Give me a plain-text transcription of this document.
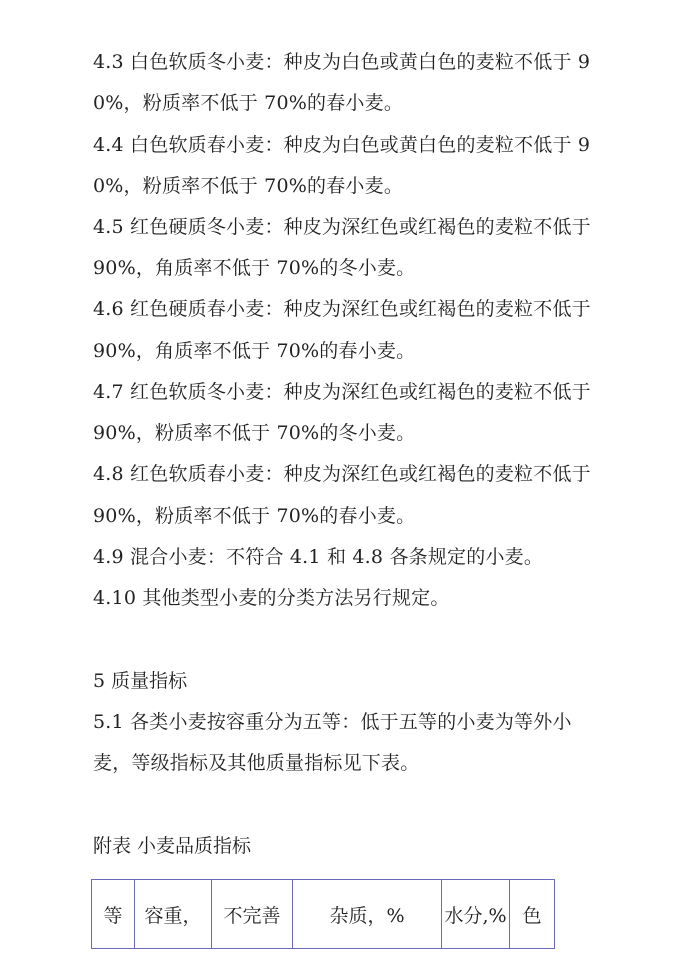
4.3 白色软质冬小麦：种皮为白色或黄白色的麦粒不低于 9
0%，粉质率不低于 70%的春小麦。
4.4 白色软质春小麦：种皮为白色或黄白色的麦粒不低于 9
0%，粉质率不低于 70%的春小麦。
4.5 红色硬质冬小麦：种皮为深红色或红褐色的麦粒不低于
90%，角质率不低于 70%的冬小麦。
4.6 红色硬质春小麦：种皮为深红色或红褐色的麦粒不低于
90%，角质率不低于 70%的春小麦。
4.7 红色软质冬小麦：种皮为深红色或红褐色的麦粒不低于
90%，粉质率不低于 70%的冬小麦。
4.8 红色软质春小麦：种皮为深红色或红褐色的麦粒不低于
90%，粉质率不低于 70%的春小麦。
4.9 混合小麦：不符合 4.1 和 4.8 各条规定的小麦。
4.10 其他类型小麦的分类方法另行规定。
5 质量指标
5.1 各类小麦按容重分为五等：低于五等的小麦为等外小
麦，等级指标及其他质量指标见下表。
附表 小麦品质指标
等	容重，	不完善	杂质，%	水分,%	色
